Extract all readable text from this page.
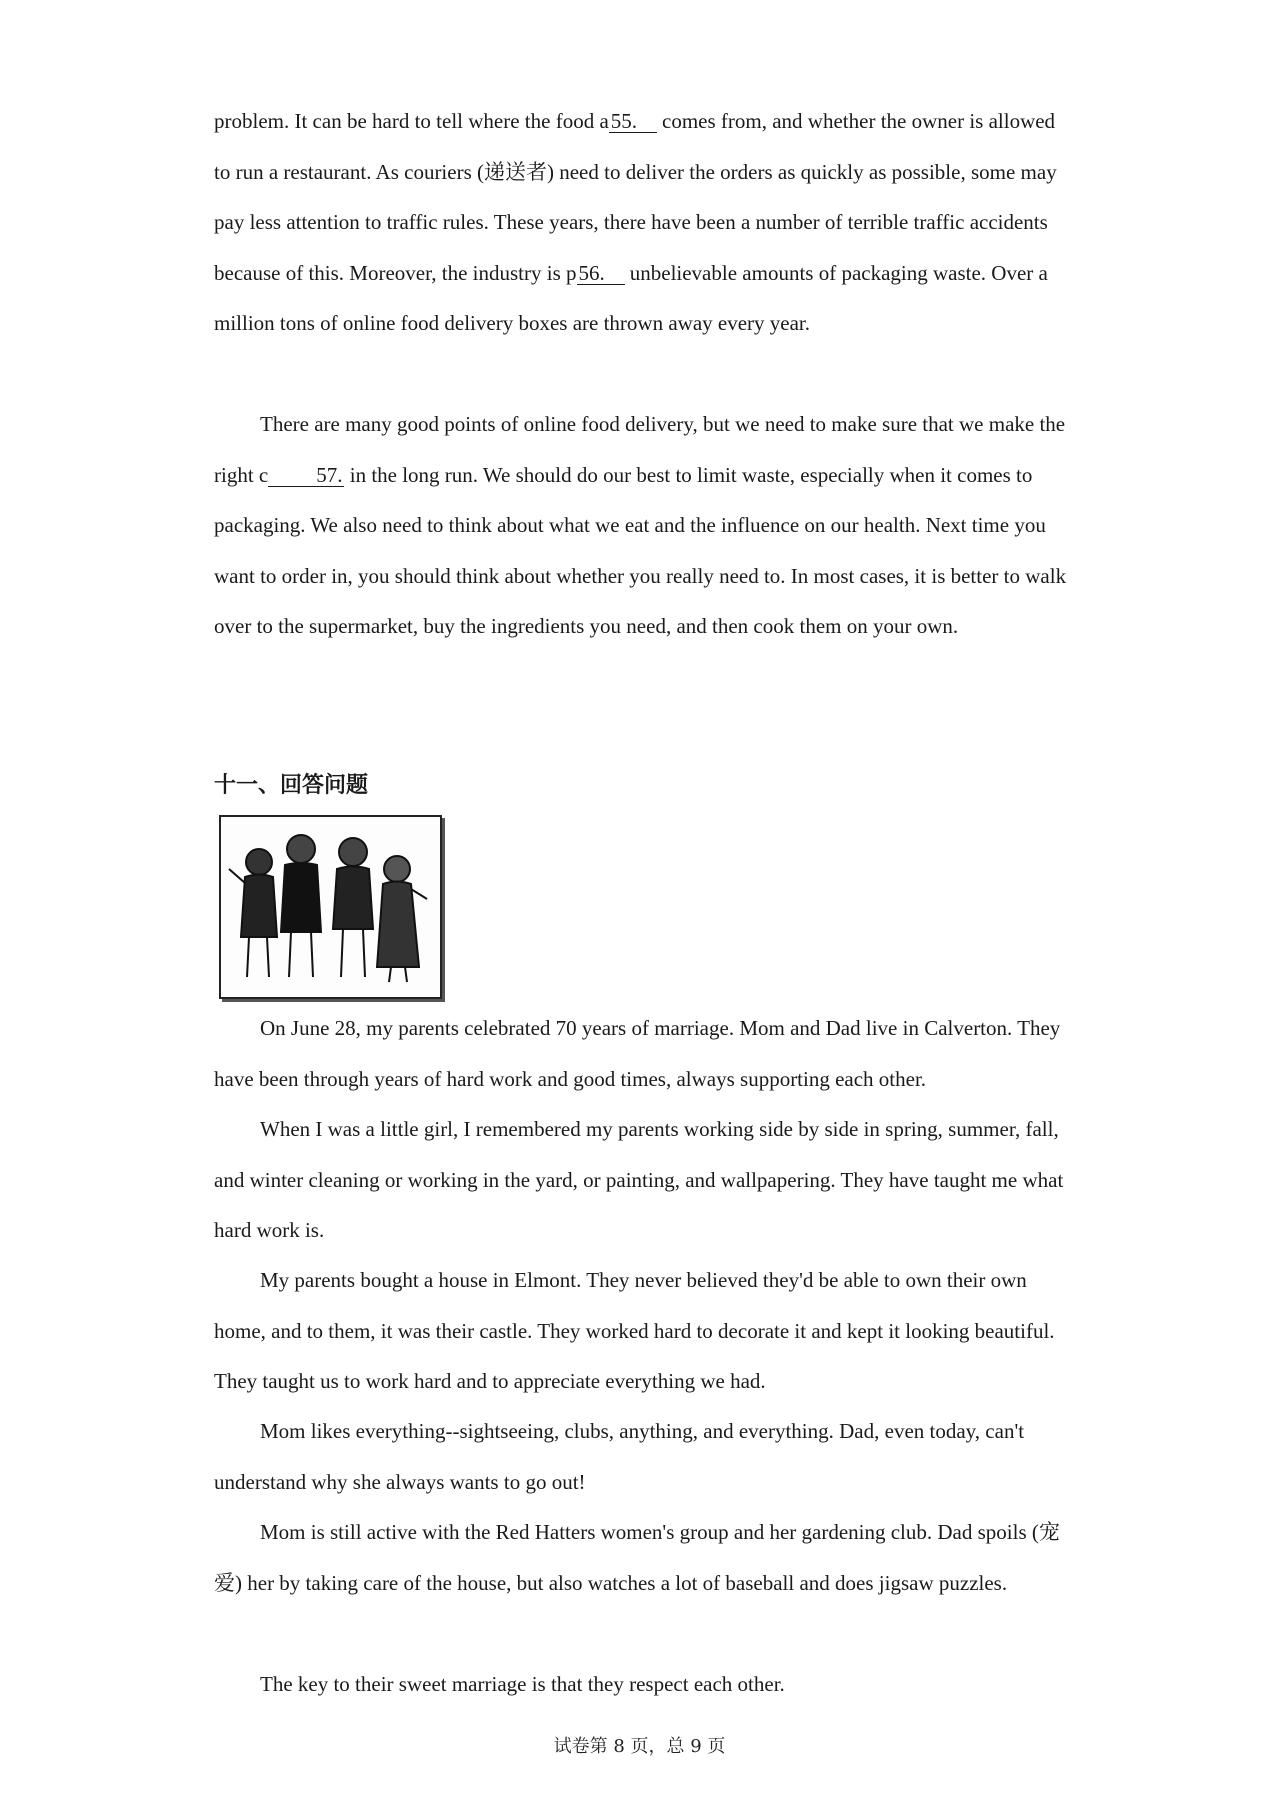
problem. It can be hard to tell where the food a55. comes from, and whether the owner is allowed to run a restaurant. As couriers (递送者) need to deliver the orders as quickly as possible, some may pay less attention to traffic rules. These years, there have been a number of terrible traffic accidents because of this. Moreover, the industry is p56. unbelievable amounts of packaging waste. Over a million tons of online food delivery boxes are thrown away every year.

There are many good points of online food delivery, but we need to make sure that we make the right c 57. in the long run. We should do our best to limit waste, especially when it comes to packaging. We also need to think about what we eat and the influence on our health. Next time you want to order in, you should think about whether you really need to. In most cases, it is better to walk over to the supermarket, buy the ingredients you need, and then cook them on your own.

十一、回答问题

On June 28, my parents celebrated 70 years of marriage. Mom and Dad live in Calverton. They have been through years of hard work and good times, always supporting each other.

When I was a little girl, I remembered my parents working side by side in spring, summer, fall, and winter cleaning or working in the yard, or painting, and wallpapering. They have taught me what hard work is.

My parents bought a house in Elmont. They never believed they'd be able to own their own home, and to them, it was their castle. They worked hard to decorate it and kept it looking beautiful. They taught us to work hard and to appreciate everything we had.

Mom likes everything--sightseeing, clubs, anything, and everything. Dad, even today, can't understand why she always wants to go out!

Mom is still active with the Red Hatters women's group and her gardening club. Dad spoils (宠爱) her by taking care of the house, but also watches a lot of baseball and does jigsaw puzzles.

The key to their sweet marriage is that they respect each other.

试卷第 8 页，总 9 页
